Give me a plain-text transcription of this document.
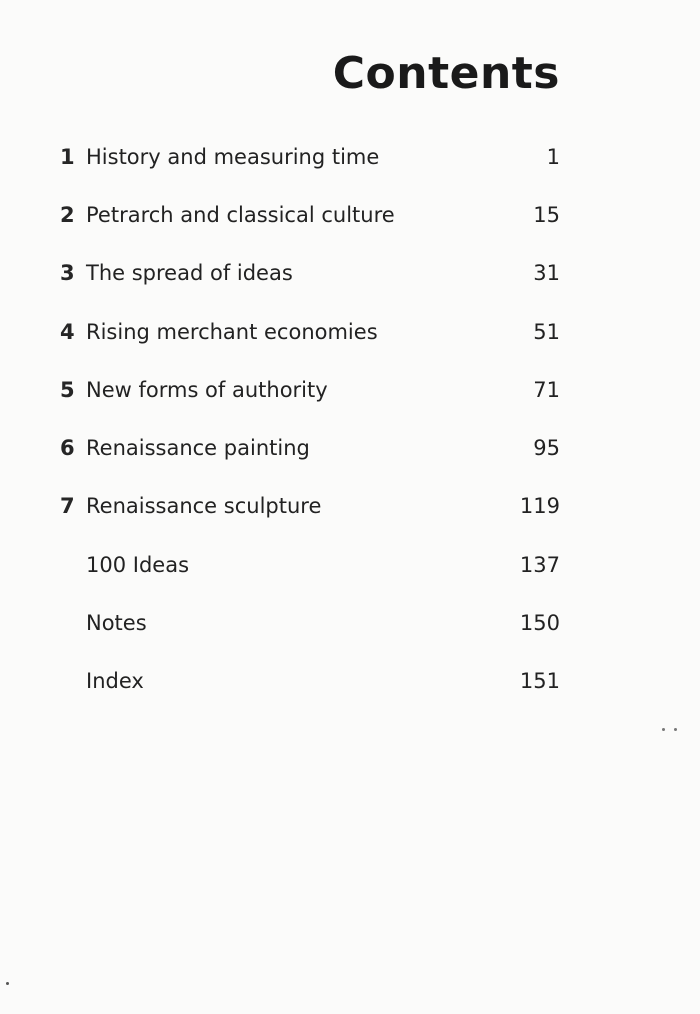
Contents
1 History and measuring time	1
2 Petrarch and classical culture	15
3 The spread of ideas	31
4 Rising merchant economies	51
5 New forms of authority	71
6 Renaissance painting	95
7 Renaissance sculpture	119
100 Ideas	137
Notes	150
Index	151
